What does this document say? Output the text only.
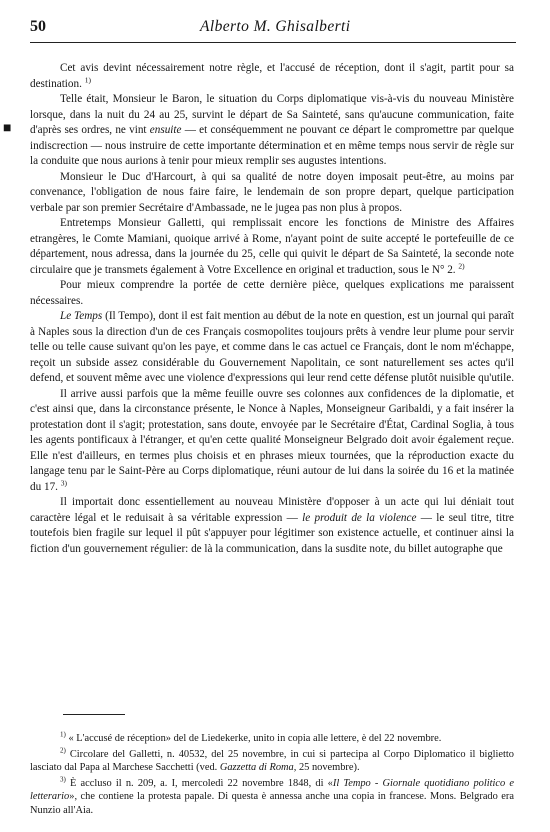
50	Alberto M. Ghisalberti
■

Cet avis devint nécessairement notre règle, et l'accusé de réception, dont il s'agit, partit pour sa destination. $^{1)}$

Telle était, Monsieur le Baron, le situation du Corps diplomatique vis-à-vis du nouveau Ministère lorsque, dans la nuit du 24 au 25, survint le départ de Sa Sainteté, sans qu'aucune communication, faite d'après ses ordres, ne vint ensuite — et conséquemment ne pouvant ce départ le compromettre par quelque indiscrection — nous instruire de cette importante détermination et en même temps nous servir de règle sur la conduite que nous aurions à tenir pour mieux remplir ses augustes intentions.

Monsieur le Duc d'Harcourt, à qui sa qualité de notre doyen imposait peut-être, au moins par convenance, l'obligation de nous faire faire, le lendemain de son propre depart, quelque participation verbale par son premier Secrétaire d'Ambassade, ne le jugea pas non plus à propos.

Entretemps Monsieur Galletti, qui remplissait encore les fonctions de Ministre des Affaires etrangères, le Comte Mamiani, quoique arrivé à Rome, n'ayant point de suite accepté le portefeuille de ce département, nous adressa, dans la journée du 25, celle qui quivit le départ de Sa Sainteté, la seconde note circulaire que je transmets également à Votre Excellence en original et traduction, sous le N° 2. $^{2)}$

Pour mieux comprendre la portée de cette dernière pièce, quelques explications me paraissent nécessaires.

Le Temps (Il Tempo), dont il est fait mention au début de la note en question, est un journal qui paraît à Naples sous la direction d'un de ces Français cosmopolites toujours prêts à vendre leur plume pour servir telle ou telle cause suivant qu'on les paye, et comme dans le cas actuel ce Français, dont le nom m'échappe, reçoit un subside assez considérable du Gouvernement Napolitain, ce sont naturellement ses actes qu'il defend, et souvent même avec une violence d'expressions qui leur rend cette défense plutôt nuisible qu'utile.

Il arrive aussi parfois que la même feuille ouvre ses colonnes aux confidences de la diplomatie, et c'est ainsi que, dans la circonstance présente, le Nonce à Naples, Monseigneur Garibaldi, y a fait insérer la protestation dont il s'agit; protestation, sans doute, envoyée par le Secrétaire d'État, Cardinal Soglia, à tous les agents pontificaux à l'étranger, et qu'en cette qualité Monseigneur Belgrado doit avoir également reçue. Elle n'est d'ailleurs, en termes plus choisis et en phrases mieux tournées, que la réproduction exacte du langage tenu par le Saint-Père au Corps diplomatique, réuni autour de lui dans la soirée du 16 et la matinée du 17. $^{3)}$

Il importait donc essentiellement au nouveau Ministère d'opposer à un acte qui lui déniait tout caractère légal et le reduisait à sa véritable expression — le produit de la violence — le seul titre, titre toutefois bien fragile sur lequel il pût s'appuyer pour légitimer son existence actuelle, et continuer ainsi la fiction d'un gouvernement régulier: de là la communication, dans la susdite note, du billet autographe que

$^{1)}$ « L'accusé de réception» del de Liedekerke, unito in copia alle lettere, è del 22 novembre.

$^{2)}$ Circolare del Galletti, n. 40532, del 25 novembre, in cui si partecipa al Corpo Diplomatico il biglietto lasciato dal Papa al Marchese Sacchetti (ved. Gazzetta di Roma, 25 novembre).

$^{3)}$ È accluso il n. 209, a. I, mercoledì 22 novembre 1848, di «Il Tempo - Giornale quotidiano politico e letterario», che contiene la protesta papale. Di questa è annessa anche una copia in francese. Mons. Belgrado era Nunzio all'Aia.
